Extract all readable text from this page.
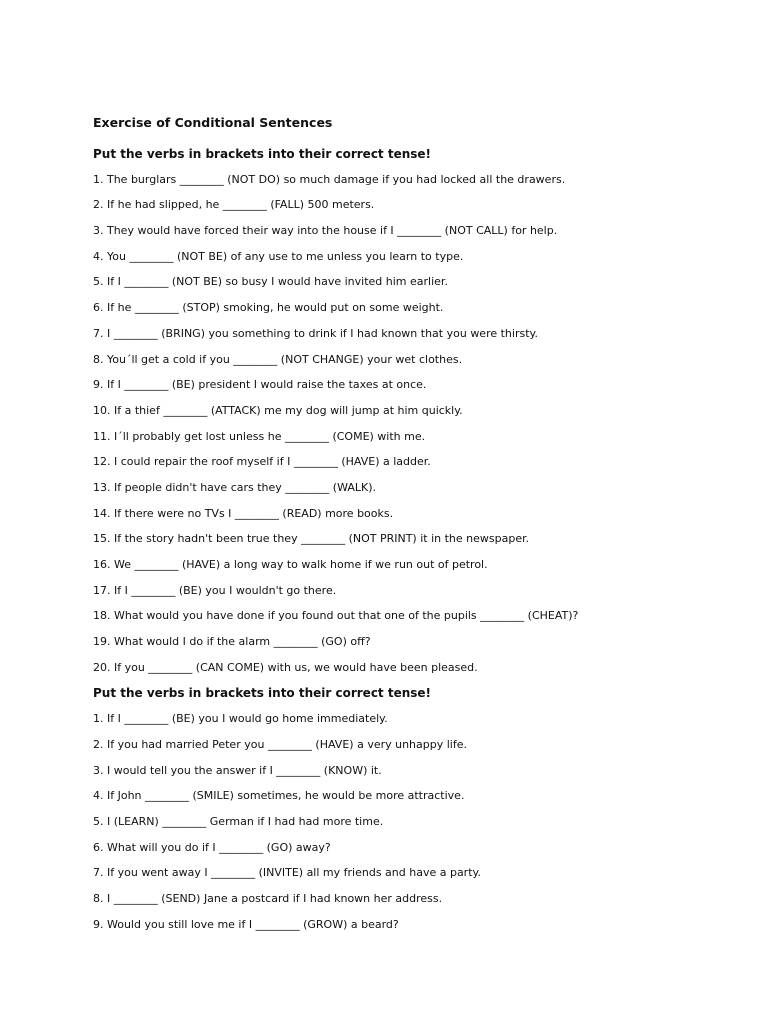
Exercise of Conditional Sentences
Put the verbs in brackets into their correct tense!
1. The burglars ________ (NOT DO) so much damage if you had locked all the drawers.
2. If he had slipped, he ________ (FALL) 500 meters.
3. They would have forced their way into the house if I ________ (NOT CALL) for help.
4. You ________ (NOT BE) of any use to me unless you learn to type.
5. If I ________ (NOT BE) so busy I would have invited him earlier.
6. If he ________ (STOP) smoking, he would put on some weight.
7. I ________ (BRING) you something to drink if I had known that you were thirsty.
8. You´ll get a cold if you ________ (NOT CHANGE) your wet clothes.
9. If I ________ (BE) president I would raise the taxes at once.
10. If a thief ________ (ATTACK) me my dog will jump at him quickly.
11. I´ll probably get lost unless he ________ (COME) with me.
12. I could repair the roof myself if I ________ (HAVE) a ladder.
13. If people didn't have cars they ________ (WALK).
14. If there were no TVs I ________ (READ) more books.
15. If the story hadn't been true they ________ (NOT PRINT) it in the newspaper.
16. We ________ (HAVE) a long way to walk home if we run out of petrol.
17. If I ________ (BE) you I wouldn't go there.
18. What would you have done if you found out that one of the pupils ________ (CHEAT)?
19. What would I do if the alarm ________ (GO) off?
20. If you ________ (CAN COME) with us, we would have been pleased.
Put the verbs in brackets into their correct tense!
1. If I ________ (BE) you I would go home immediately.
2. If you had married Peter you ________ (HAVE) a very unhappy life.
3. I would tell you the answer if I ________ (KNOW) it.
4. If John ________ (SMILE) sometimes, he would be more attractive.
5. I (LEARN) ________ German if I had had more time.
6. What will you do if I ________ (GO) away?
7. If you went away I ________ (INVITE) all my friends and have a party.
8. I ________ (SEND) Jane a postcard if I had known her address.
9. Would you still love me if I ________ (GROW) a beard?
